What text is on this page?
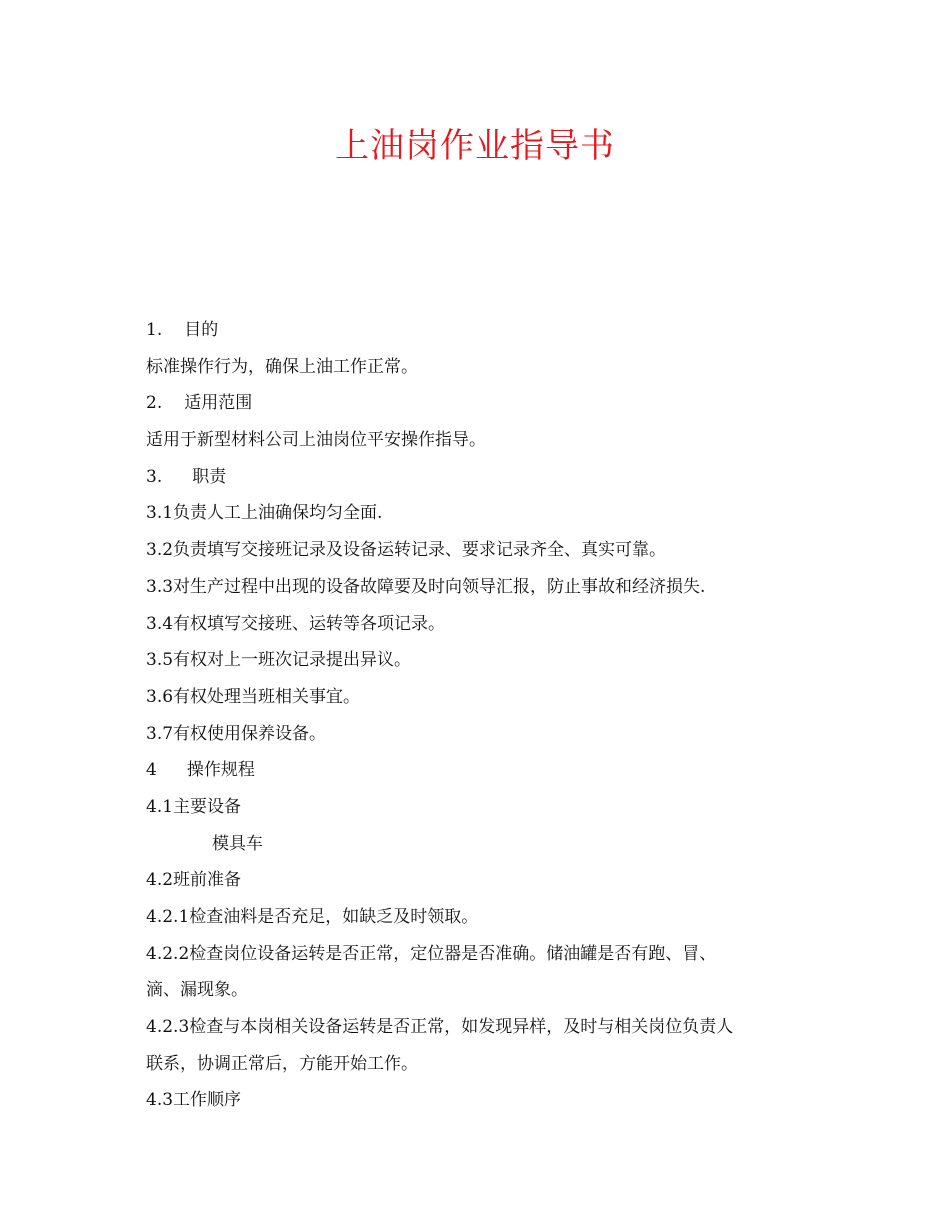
上油岗作业指导书
1. 目的
标准操作行为，确保上油工作正常。
2. 适用范围
适用于新型材料公司上油岗位平安操作指导。
3. 职责
3.1负责人工上油确保均匀全面.
3.2负责填写交接班记录及设备运转记录、要求记录齐全、真实可靠。
3.3对生产过程中出现的设备故障要及时向领导汇报，防止事故和经济损失.
3.4有权填写交接班、运转等各项记录。
3.5有权对上一班次记录提出异议。
3.6有权处理当班相关事宜。
3.7有权使用保养设备。
4 操作规程
4.1主要设备
模具车
4.2班前准备
4.2.1检查油料是否充足，如缺乏及时领取。
4.2.2检查岗位设备运转是否正常，定位器是否准确。储油罐是否有跑、冒、
滴、漏现象。
4.2.3检查与本岗相关设备运转是否正常，如发现异样，及时与相关岗位负责人
联系，协调正常后，方能开始工作。
4.3工作顺序
